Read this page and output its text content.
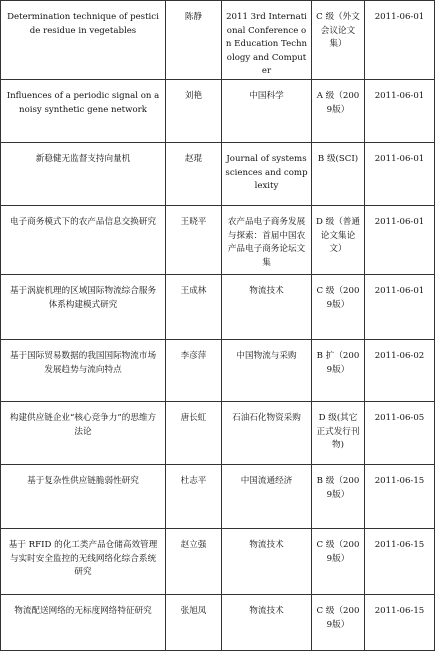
Determination technique of pesticide residue in vegetables	陈静	2011 3rd International Conference on Education Technology and Computer	C 级（外文会议论文集）	2011-06-01
Influences of a periodic signal on a noisy synthetic gene network	刘艳	中国科学	A 级（2009版）	2011-06-01
新稳健无监督支持向量机	赵琨	Journal of systems sciences and complexity	B 级(SCI)	2011-06-01
电子商务模式下的农产品信息交换研究	王晓平	农产品电子商务发展与探索：首届中国农产品电子商务论坛文集	D 级（普通论文集论文）	2011-06-01
基于涡旋机理的区域国际物流综合服务体系构建模式研究	王成林	物流技术	C 级（2009版）	2011-06-01
基于国际贸易数据的我国国际物流市场发展趋势与流向特点	李彦萍	中国物流与采购	B 扩（2009版）	2011-06-02
构建供应链企业“核心竞争力”的思维方法论	唐长虹	石油石化物资采购	D 级(其它正式发行刊物)	2011-06-05
基于复杂性供应链脆弱性研究	杜志平	中国流通经济	B 级（2009版）	2011-06-15
基于 RFID 的化工类产品仓储高效管理与实时安全监控的无线网络化综合系统研究	赵立强	物流技术	C 级（2009版）	2011-06-15
物流配送网络的无标度网络特征研究	张旭凤	物流技术	C 级（2009版）	2011-06-15
